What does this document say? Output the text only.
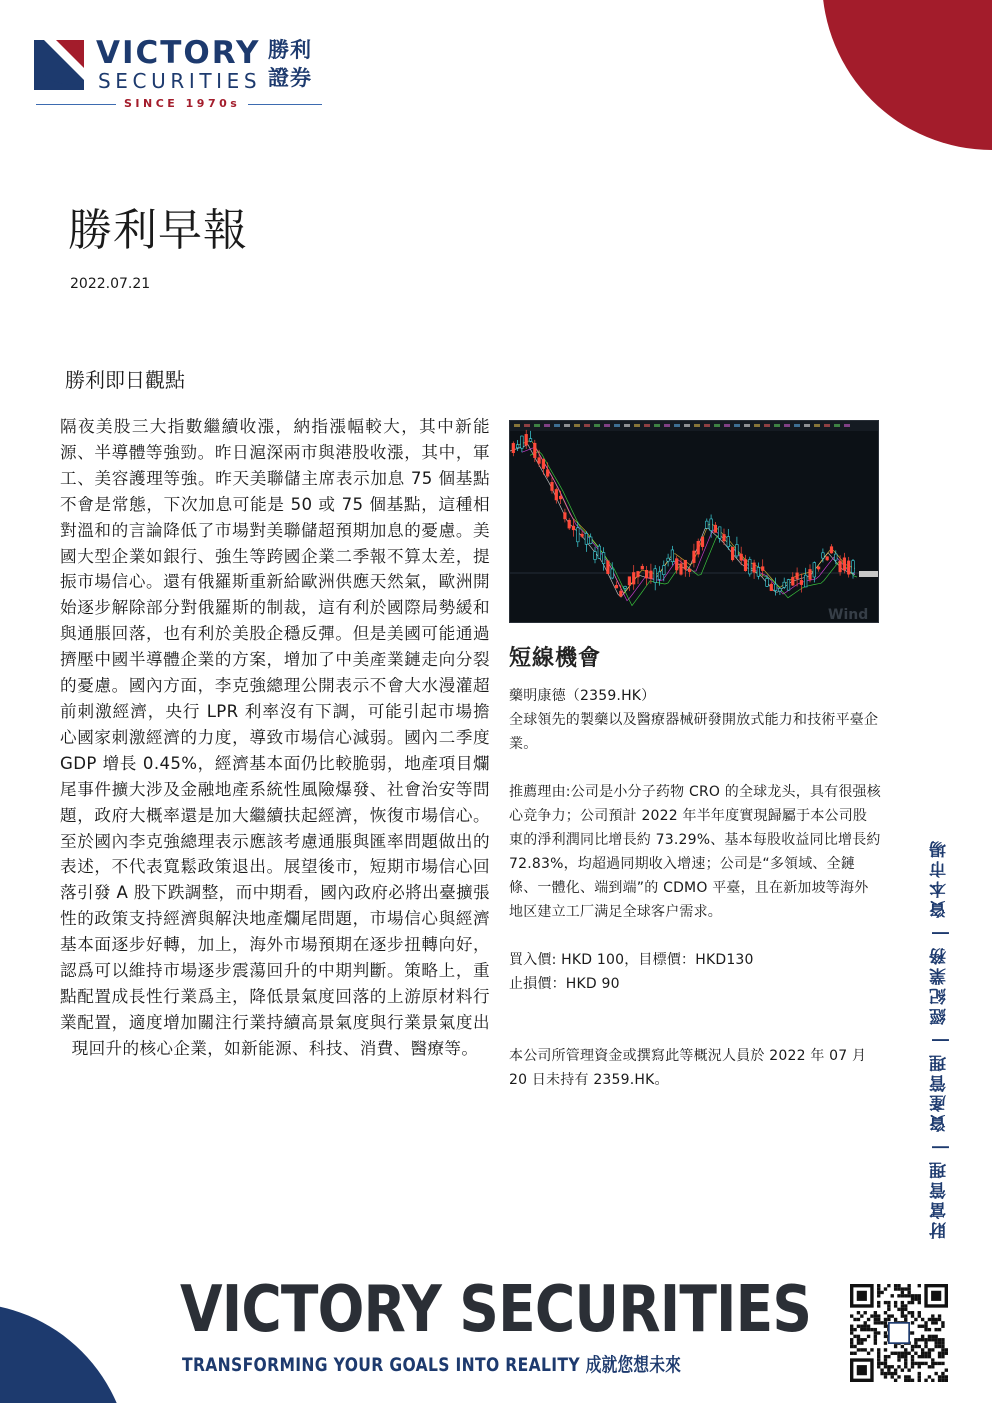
VICTORY
SECURITIES
勝利
證券
SINCE 1970s
勝利早報
2022.07.21
勝利即日觀點

隔夜美股三大指數繼續收漲，納指漲幅較大，其中新能源、半導體等強勁。昨日滬深兩市與港股收漲，其中，軍工、美容護理等強。昨天美聯儲主席表示加息 75 個基點不會是常態，下次加息可能是 50 或 75 個基點，這種相對溫和的言論降低了市場對美聯儲超預期加息的憂慮。美國大型企業如銀行、強生等跨國企業二季報不算太差，提振市場信心。還有俄羅斯重新給歐洲供應天然氣，歐洲開始逐步解除部分對俄羅斯的制裁，這有利於國際局勢緩和與通脹回落，也有利於美股企穩反彈。但是美國可能通過擠壓中國半導體企業的方案，增加了中美產業鏈走向分裂的憂慮。國內方面，李克強總理公開表示不會大水漫灌超前刺激經濟，央行 LPR 利率沒有下調，可能引起市場擔心國家刺激經濟的力度，導致市場信心減弱。國內二季度 GDP 增長 0.45%，經濟基本面仍比較脆弱，地產項目爛尾事件擴大涉及金融地產系統性風險爆發、社會治安等問題，政府大概率還是加大繼續扶起經濟，恢復市場信心。至於國內李克強總理表示應該考慮通脹與匯率問題做出的表述，不代表寬鬆政策退出。展望後市，短期市場信心回落引發 A 股下跌調整，而中期看，國內政府必將出臺擴張性的政策支持經濟與解決地產爛尾問題，市場信心與經濟基本面逐步好轉，加上，海外市場預期在逐步扭轉向好，認爲可以維持市場逐步震蕩回升的中期判斷。策略上，重點配置成長性行業爲主，降低景氣度回落的上游原材料行業配置，適度增加關注行業持續高景氣度與行業景氣度出現回升的核心企業，如新能源、科技、消費、醫療等。

Wind
短線機會
藥明康德（2359.HK）
全球領先的製藥以及醫療器械研發開放式能力和技術平臺企業。
推薦理由:公司是小分子药物 CRO 的全球龙头，具有很强核心竞争力；公司預計 2022 年半年度實現歸屬于本公司股東的淨利潤同比增長約 73.29%、基本每股收益同比增長約 72.83%，均超過同期收入增速；公司是“多領域、全鏈條、一體化、端到端”的 CDMO 平臺，且在新加坡等海外地区建立工厂满足全球客户需求。
買入價: HKD 100，目標價：HKD130
止損價：HKD 90
本公司所管理資金或撰寫此等概況人員於 2022 年 07 月 20 日未持有 2359.HK。	財富管理 | 資產管理 | 經紀業務 | 資本市場
VICTORY SECURITIES
TRANSFORMING YOUR GOALS INTO REALITY 成就您想未來
